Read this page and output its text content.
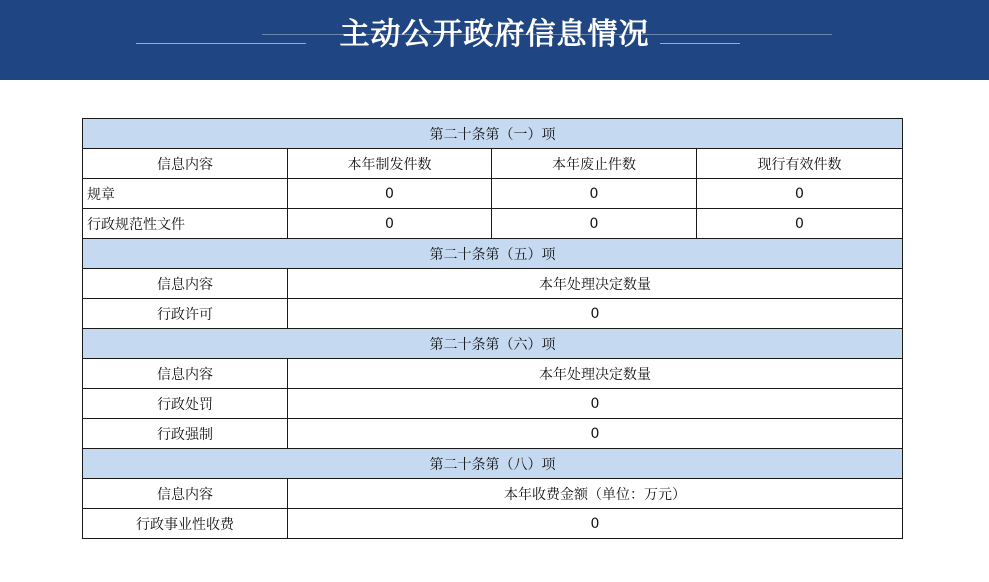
主动公开政府信息情况
第二十条第（一）项			
信息内容	本年制发件数	本年废止件数	现行有效件数
规章	0	0	0
行政规范性文件	0	0	0
第二十条第（五）项			
信息内容	本年处理决定数量		
行政许可	0		
第二十条第（六）项			
信息内容	本年处理决定数量		
行政处罚	0		
行政强制	0		
第二十条第（八）项			
信息内容	本年收费金额（单位：万元）		
行政事业性收费	0		
